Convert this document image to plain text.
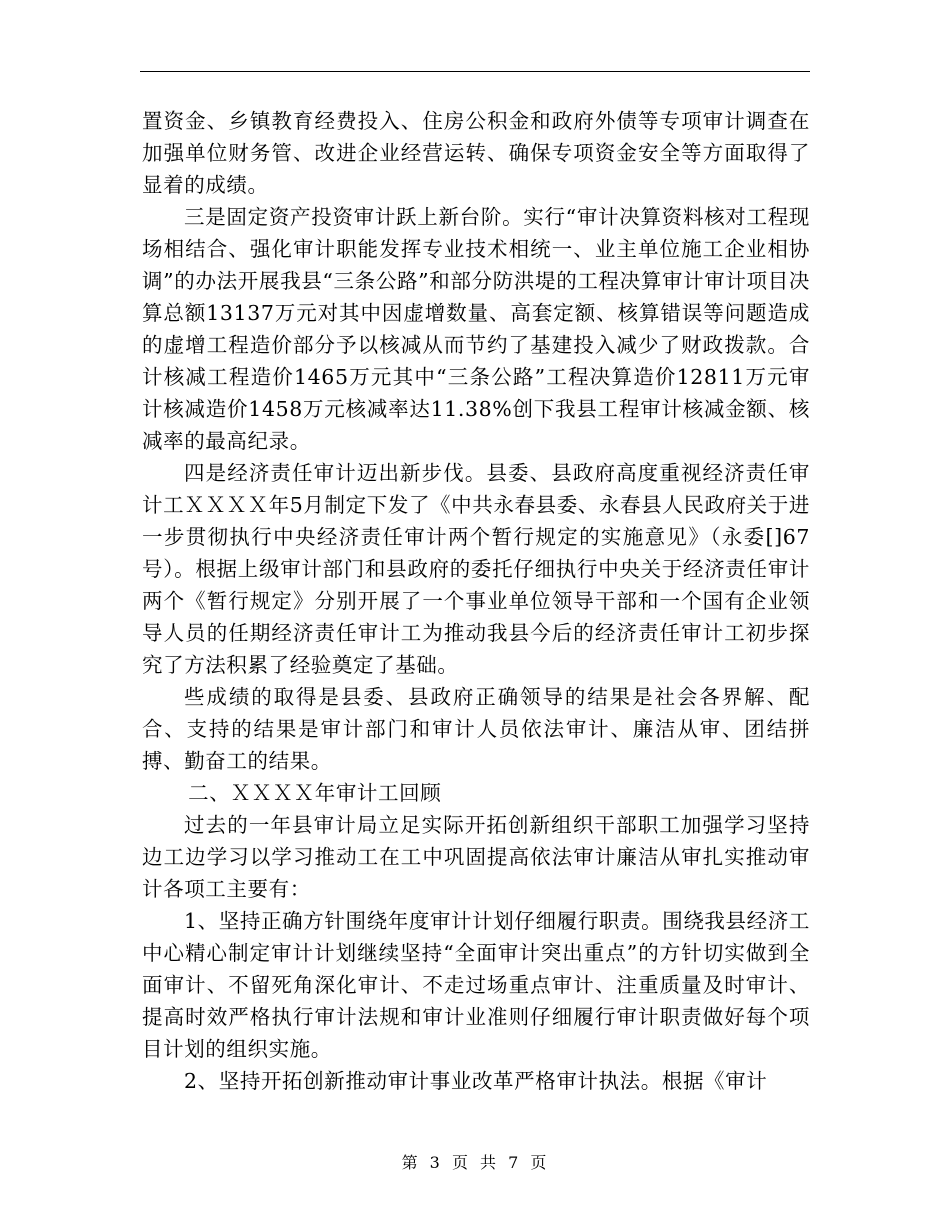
置资金、乡镇教育经费投入、住房公积金和政府外债等专项审计调查在加强单位财务管、改进企业经营运转、确保专项资金安全等方面取得了显着的成绩。

三是固定资产投资审计跃上新台阶。实行“审计决算资料核对工程现场相结合、强化审计职能发挥专业技术相统一、业主单位施工企业相协调”的办法开展我县“三条公路”和部分防洪堤的工程决算审计审计项目决算总额13137万元对其中因虚增数量、高套定额、核算错误等问题造成的虚增工程造价部分予以核减从而节约了基建投入减少了财政拨款。合计核减工程造价1465万元其中“三条公路”工程决算造价12811万元审计核减造价1458万元核减率达11.38%创下我县工程审计核减金额、核减率的最高纪录。

四是经济责任审计迈出新步伐。县委、县政府高度重视经济责任审计工ＸＸＸＸ年5月制定下发了《中共永春县委、永春县人民政府关于进一步贯彻执行中央经济责任审计两个暂行规定的实施意见》（永委[]67号）。根据上级审计部门和县政府的委托仔细执行中央关于经济责任审计两个《暂行规定》分别开展了一个事业单位领导干部和一个国有企业领导人员的任期经济责任审计工为推动我县今后的经济责任审计工初步探究了方法积累了经验奠定了基础。

些成绩的取得是县委、县政府正确领导的结果是社会各界解、配合、支持的结果是审计部门和审计人员依法审计、廉洁从审、团结拼搏、勤奋工的结果。

二、ＸＸＸＸ年审计工回顾

过去的一年县审计局立足实际开拓创新组织干部职工加强学习坚持边工边学习以学习推动工在工中巩固提高依法审计廉洁从审扎实推动审计各项工主要有：

1、坚持正确方针围绕年度审计计划仔细履行职责。围绕我县经济工中心精心制定审计计划继续坚持“全面审计突出重点”的方针切实做到全面审计、不留死角深化审计、不走过场重点审计、注重质量及时审计、提高时效严格执行审计法规和审计业准则仔细履行审计职责做好每个项目计划的组织实施。

2、坚持开拓创新推动审计事业改革严格审计执法。根据《审计

第 3 页 共 7 页
